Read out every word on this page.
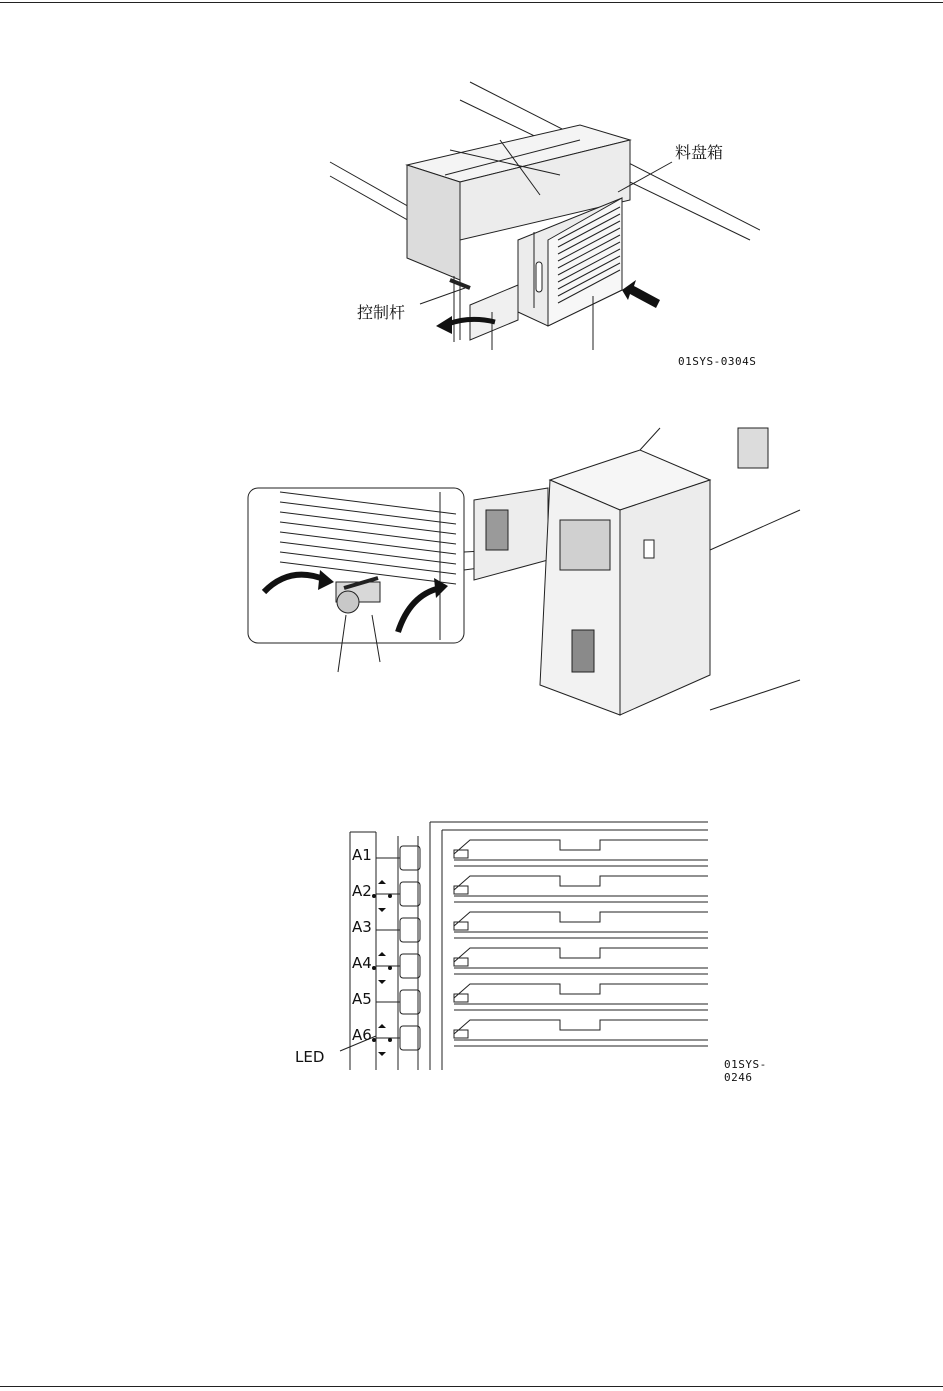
料盘箱
控制杆
01SYS-0304S
A1
A2
A3
A4
A5
A6
LED	01SYS-0246
